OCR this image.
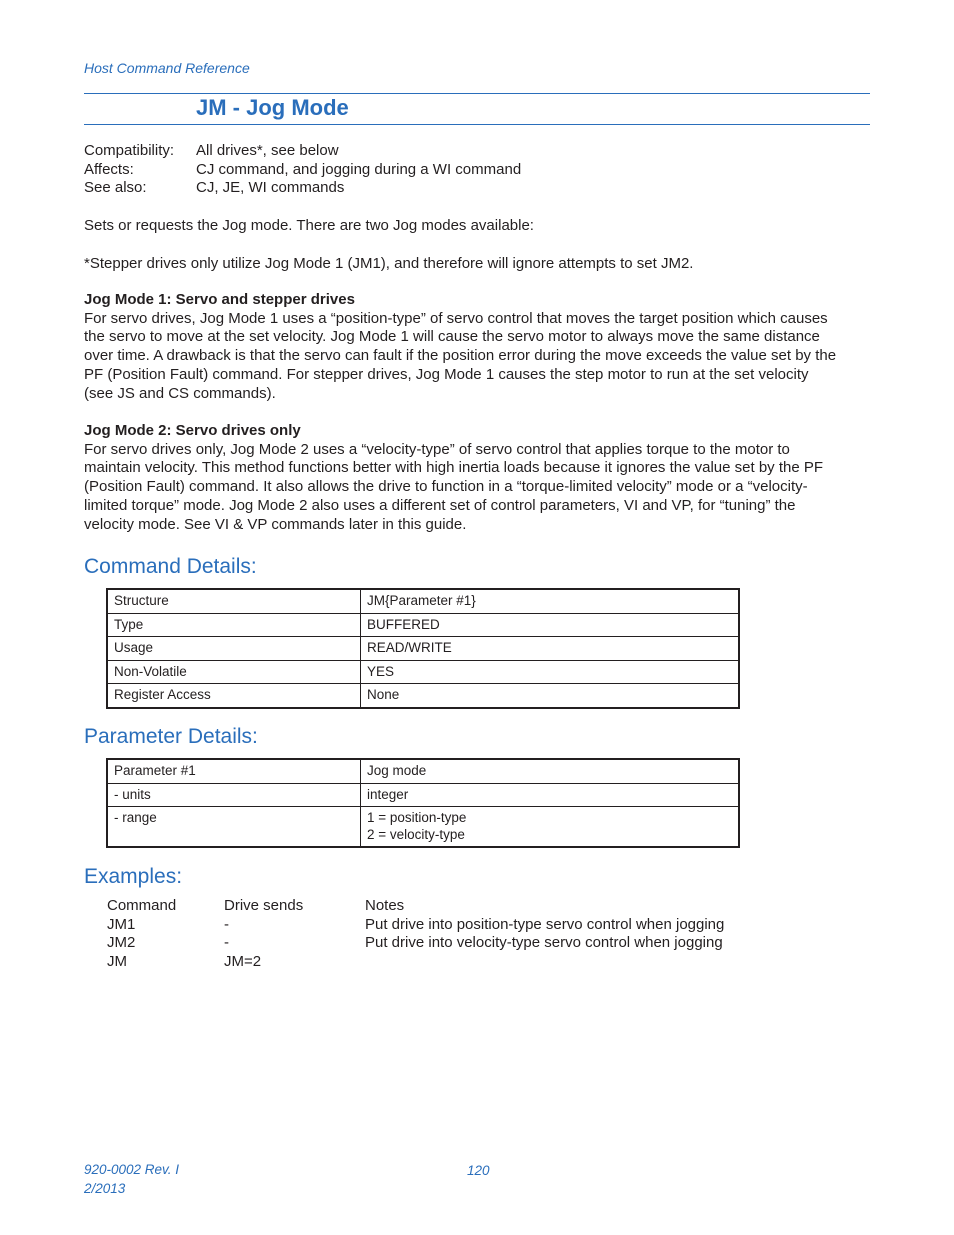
Host Command Reference
JM - Jog Mode
Compatibility:	All drives*, see below
Affects:	CJ command, and jogging during a WI command
See also:	CJ, JE, WI commands
Sets or requests the Jog mode. There are two Jog modes available:
*Stepper drives only utilize Jog Mode 1 (JM1), and therefore will ignore attempts to set JM2.
Jog Mode 1: Servo and stepper drives
For servo drives, Jog Mode 1 uses a “position-type” of servo control that moves the target position which causes
the servo to move at the set velocity. Jog Mode 1 will cause the servo motor to always move the same distance
over time. A drawback is that the servo can fault if the position error during the move exceeds the value set by the
PF (Position Fault) command. For stepper drives, Jog Mode 1 causes the step motor to run at the set velocity
(see JS and CS commands).
Jog Mode 2: Servo drives only
For servo drives only, Jog Mode 2 uses a “velocity-type” of servo control that applies torque to the motor to
maintain velocity. This method functions better with high inertia loads because it ignores the value set by the PF
(Position Fault) command. It also allows the drive to function in a “torque-limited velocity” mode or a “velocity-
limited torque” mode. Jog Mode 2 also uses a different set of control parameters, VI and VP, for “tuning” the
velocity mode. See VI & VP commands later in this guide.
Command Details:
Structure	JM{Parameter #1}
Type	BUFFERED
Usage	READ/WRITE
Non-Volatile	YES
Register Access	None
Parameter Details:
Parameter #1	Jog mode
- units	integer
- range	1 = position-type
2 = velocity-type
Examples:
Command	Drive sends	Notes
JM1	-	Put drive into position-type servo control when jogging
JM2	-	Put drive into velocity-type servo control when jogging
JM	JM=2
920-0002 Rev. I
2/2013
120
